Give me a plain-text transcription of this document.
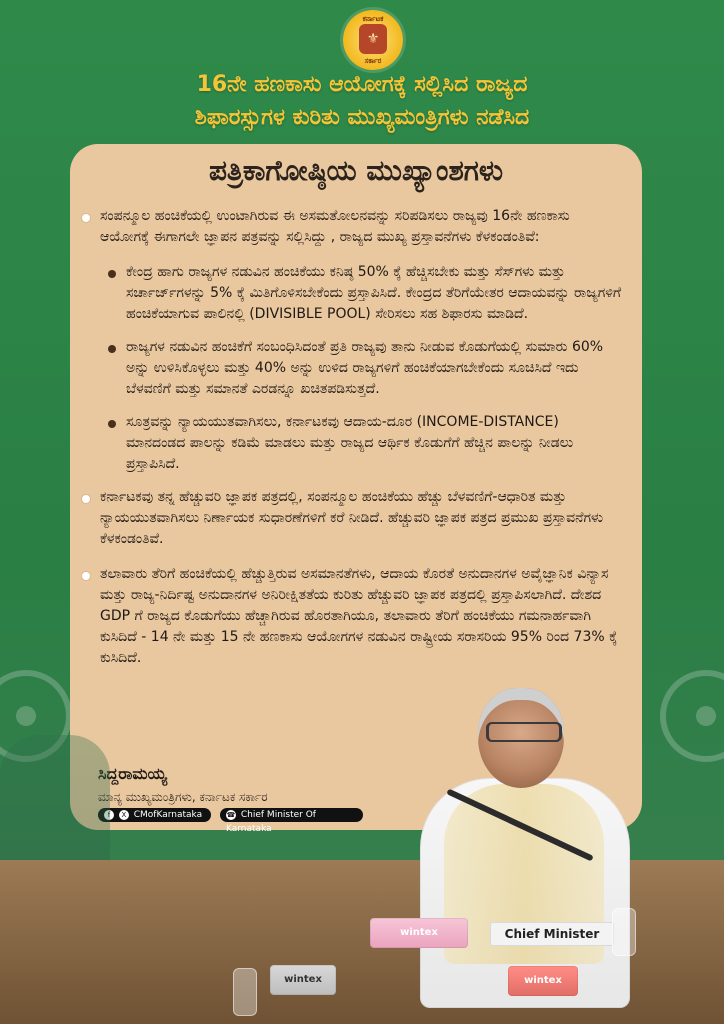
ಕರ್ನಾಟಕ
⚜
ಸರ್ಕಾರ
16ನೇ ಹಣಕಾಸು ಆಯೋಗಕ್ಕೆ ಸಲ್ಲಿಸಿದ ರಾಜ್ಯದ
ಶಿಫಾರಸ್ಸುಗಳ ಕುರಿತು ಮುಖ್ಯಮಂತ್ರಿಗಳು ನಡೆಸಿದ
ಪತ್ರಿಕಾಗೋಷ್ಠಿಯ ಮುಖ್ಯಾಂಶಗಳು
ಸಂಪನ್ಮೂಲ ಹಂಚಿಕೆಯಲ್ಲಿ ಉಂಟಾಗಿರುವ ಈ ಅಸಮತೋಲನವನ್ನು ಸರಿಪಡಿಸಲು ರಾಜ್ಯವು 16ನೇ ಹಣಕಾಸು ಆಯೋಗಕ್ಕೆ ಈಗಾಗಲೇ ಜ್ಞಾಪನ ಪತ್ರವನ್ನು ಸಲ್ಲಿಸಿದ್ದು , ರಾಜ್ಯದ ಮುಖ್ಯ ಪ್ರಸ್ತಾವನೆಗಳು ಕೆಳಕಂಡಂತಿವೆ:
ಕೇಂದ್ರ ಹಾಗು ರಾಜ್ಯಗಳ ನಡುವಿನ ಹಂಚಿಕೆಯು ಕನಿಷ್ಠ 50% ಕ್ಕೆ ಹೆಚ್ಚಿಸಬೇಕು ಮತ್ತು ಸೆಸ್‌ಗಳು ಮತ್ತು ಸರ್ಚಾರ್ಜ್‌ಗಳನ್ನು 5% ಕ್ಕೆ ಮಿತಿಗೊಳಿಸಬೇಕೆಂದು ಪ್ರಸ್ತಾಪಿಸಿದೆ. ಕೇಂದ್ರದ ತೆರಿಗೆಯೇತರ ಆದಾಯವನ್ನು ರಾಜ್ಯಗಳಿಗೆ ಹಂಚಿಕೆಯಾಗುವ ಪಾಲಿನಲ್ಲಿ (DIVISIBLE POOL) ಸೇರಿಸಲು ಸಹ ಶಿಫಾರಸು ಮಾಡಿದೆ.
ರಾಜ್ಯಗಳ ನಡುವಿನ ಹಂಚಿಕೆಗೆ ಸಂಬಂಧಿಸಿದಂತೆ ಪ್ರತಿ ರಾಜ್ಯವು ತಾನು ನೀಡುವ ಕೊಡುಗೆಯಲ್ಲಿ ಸುಮಾರು 60% ಅನ್ನು ಉಳಿಸಿಕೊಳ್ಳಲು ಮತ್ತು 40% ಅನ್ನು ಉಳಿದ ರಾಜ್ಯಗಳಿಗೆ ಹಂಚಿಕೆಯಾಗಬೇಕೆಂದು ಸೂಚಿಸಿದೆ ಇದು ಬೆಳವಣಿಗೆ ಮತ್ತು ಸಮಾನತೆ ಎರಡನ್ನೂ ಖಚಿತಪಡಿಸುತ್ತದೆ.
ಸೂತ್ರವನ್ನು ನ್ಯಾಯಯುತವಾಗಿಸಲು, ಕರ್ನಾಟಕವು ಆದಾಯ-ದೂರ (INCOME-DISTANCE) ಮಾನದಂಡದ ಪಾಲನ್ನು ಕಡಿಮೆ ಮಾಡಲು ಮತ್ತು ರಾಜ್ಯದ ಆರ್ಥಿಕ ಕೊಡುಗೆಗೆ ಹೆಚ್ಚಿನ ಪಾಲನ್ನು ನೀಡಲು ಪ್ರಸ್ತಾಪಿಸಿದೆ.
ಕರ್ನಾಟಕವು ತನ್ನ ಹೆಚ್ಚುವರಿ ಜ್ಞಾಪಕ ಪತ್ರದಲ್ಲಿ, ಸಂಪನ್ಮೂಲ ಹಂಚಿಕೆಯು ಹೆಚ್ಚು ಬೆಳವಣಿಗೆ-ಆಧಾರಿತ ಮತ್ತು ನ್ಯಾಯಯುತವಾಗಿಸಲು ನಿರ್ಣಾಯಕ ಸುಧಾರಣೆಗಳಿಗೆ ಕರೆ ನೀಡಿದೆ. ಹೆಚ್ಚುವರಿ ಜ್ಞಾಪಕ ಪತ್ರದ ಪ್ರಮುಖ ಪ್ರಸ್ತಾವನೆಗಳು ಕೆಳಕಂಡಂತಿವೆ.
ತಲಾವಾರು ತೆರಿಗೆ ಹಂಚಿಕೆಯಲ್ಲಿ ಹೆಚ್ಚುತ್ತಿರುವ ಅಸಮಾನತೆಗಳು, ಆದಾಯ ಕೊರತೆ ಅನುದಾನಗಳ ಅವೈಜ್ಞಾನಿಕ ವಿನ್ಯಾಸ ಮತ್ತು ರಾಜ್ಯ-ನಿರ್ದಿಷ್ಟ ಅನುದಾನಗಳ ಅನಿರೀಕ್ಷಿತತೆಯ ಕುರಿತು ಹೆಚ್ಚುವರಿ ಜ್ಞಾಪಕ ಪತ್ರದಲ್ಲಿ ಪ್ರಸ್ತಾಪಿಸಲಾಗಿದೆ. ದೇಶದ GDP ಗೆ ರಾಜ್ಯದ ಕೊಡುಗೆಯು ಹೆಚ್ಚಾಗಿರುವ ಹೊರತಾಗಿಯೂ, ತಲಾವಾರು ತೆರಿಗೆ ಹಂಚಿಕೆಯು ಗಮನಾರ್ಹವಾಗಿ ಕುಸಿದಿದೆ - 14 ನೇ ಮತ್ತು 15 ನೇ ಹಣಕಾಸು ಆಯೋಗಗಳ ನಡುವಿನ ರಾಷ್ಟ್ರೀಯ ಸರಾಸರಿಯ 95% ರಿಂದ 73% ಕ್ಕೆ ಕುಸಿದಿದೆ.
ಸಿದ್ದರಾಮಯ್ಯ
ಮಾನ್ಯ ಮುಖ್ಯಮಂತ್ರಿಗಳು, ಕರ್ನಾಟಕ ಸರ್ಕಾರ
f X CMofKarnataka	☎ Chief Minister Of Karnataka
Chief Minister
wintex
wintex
wintex
